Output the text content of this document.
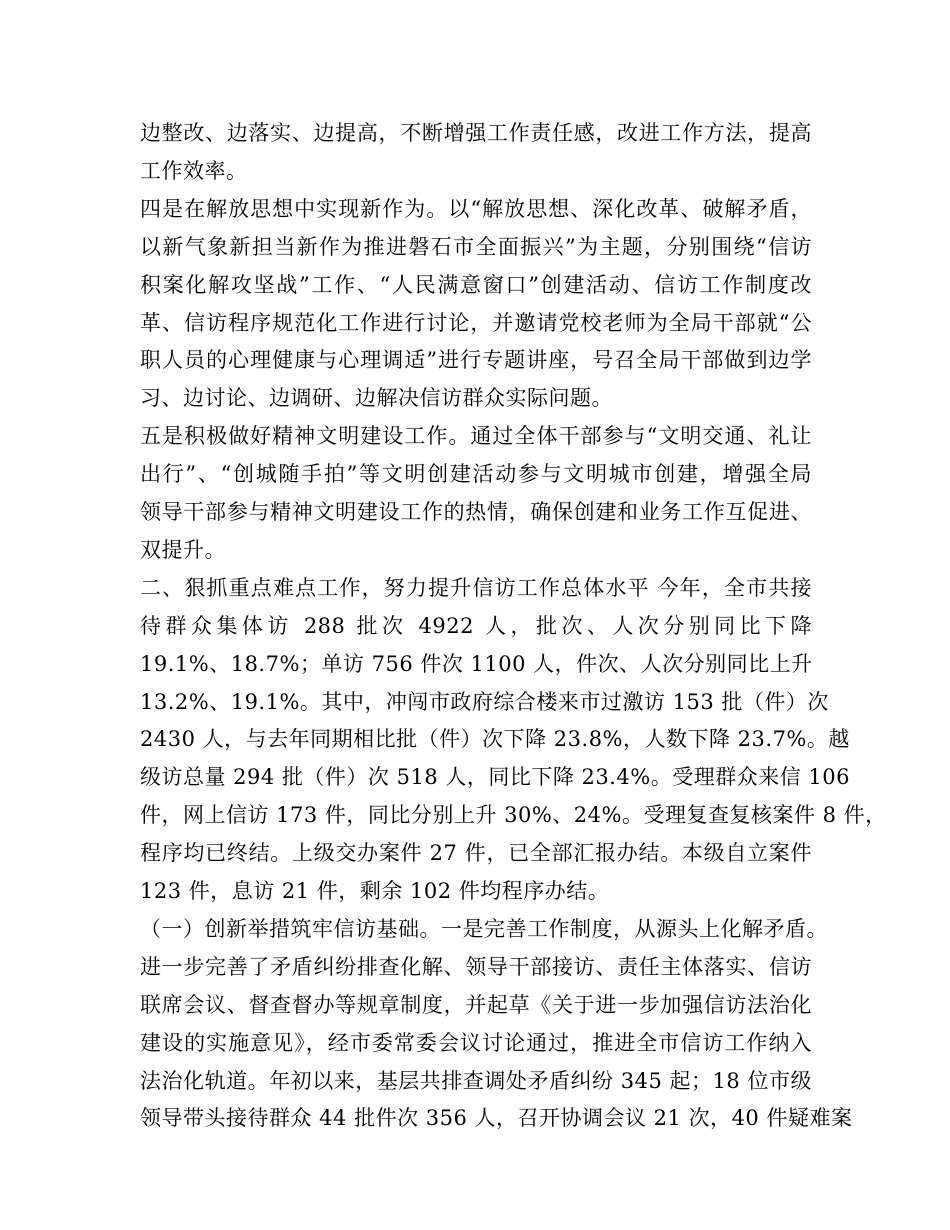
边整改、边落实、边提高，不断增强工作责任感，改进工作方法，提高
工作效率。
四是在解放思想中实现新作为。以“解放思想、深化改革、破解矛盾，
以新气象新担当新作为推进磐石市全面振兴”为主题，分别围绕“信访
积案化解攻坚战”工作、“人民满意窗口”创建活动、信访工作制度改
革、信访程序规范化工作进行讨论，并邀请党校老师为全局干部就“公
职人员的心理健康与心理调适”进行专题讲座，号召全局干部做到边学
习、边讨论、边调研、边解决信访群众实际问题。
五是积极做好精神文明建设工作。通过全体干部参与“文明交通、礼让
出行”、“创城随手拍”等文明创建活动参与文明城市创建，增强全局
领导干部参与精神文明建设工作的热情，确保创建和业务工作互促进、
双提升。
二、狠抓重点难点工作，努力提升信访工作总体水平 今年，全市共接
待群众集体访 288 批次 4922 人，批次、人次分别同比下降
19.1%、18.7%；单访 756 件次 1100 人，件次、人次分别同比上升
13.2%、19.1%。其中，冲闯市政府综合楼来市过激访 153 批（件）次
2430 人，与去年同期相比批（件）次下降 23.8%，人数下降 23.7%。越
级访总量 294 批（件）次 518 人，同比下降 23.4%。受理群众来信 106
件，网上信访 173 件，同比分别上升 30%、24%。受理复查复核案件 8 件，
程序均已终结。上级交办案件 27 件，已全部汇报办结。本级自立案件
123 件，息访 21 件，剩余 102 件均程序办结。
（一）创新举措筑牢信访基础。一是完善工作制度，从源头上化解矛盾。
进一步完善了矛盾纠纷排查化解、领导干部接访、责任主体落实、信访
联席会议、督查督办等规章制度，并起草《关于进一步加强信访法治化
建设的实施意见》，经市委常委会议讨论通过，推进全市信访工作纳入
法治化轨道。年初以来，基层共排查调处矛盾纠纷 345 起；18 位市级
领导带头接待群众 44 批件次 356 人，召开协调会议 21 次，40 件疑难案
